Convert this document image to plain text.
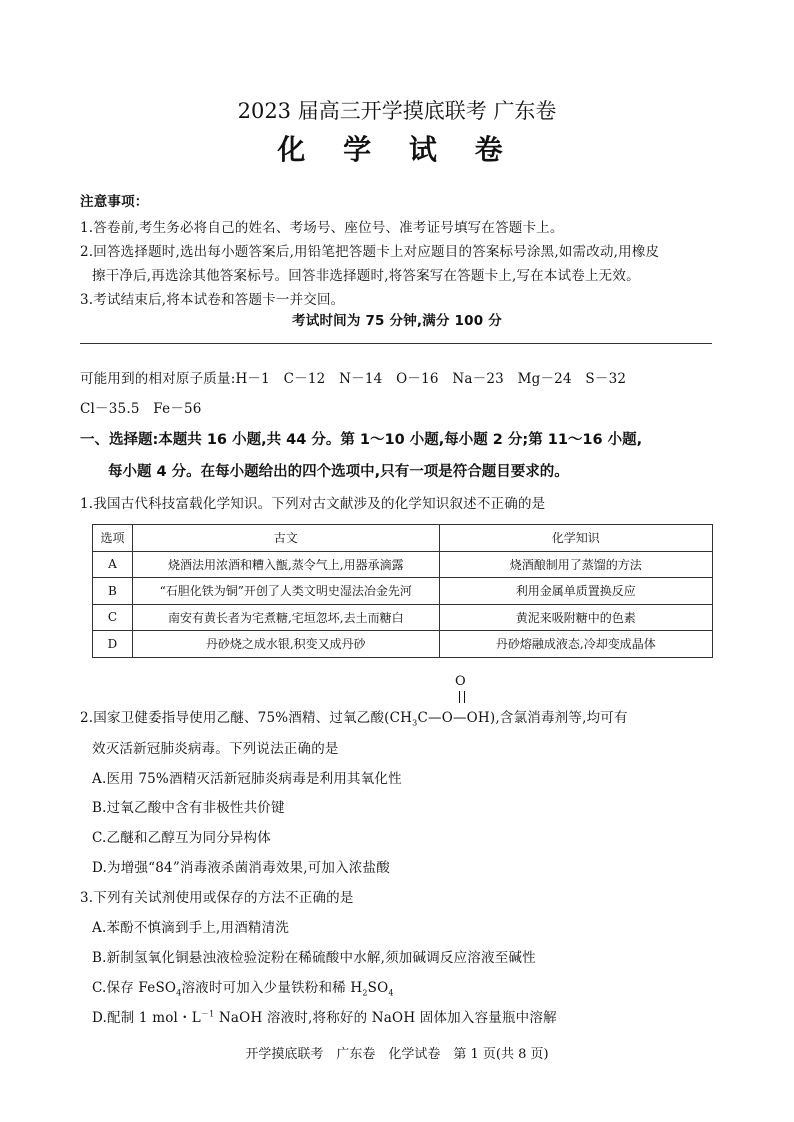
2023 届高三开学摸底联考 广东卷
化 学 试 卷
注意事项：
1.答卷前,考生务必将自己的姓名、考场号、座位号、准考证号填写在答题卡上。
2.回答选择题时,选出每小题答案后,用铅笔把答题卡上对应题目的答案标号涂黑,如需改动,用橡皮
擦干净后,再选涂其他答案标号。回答非选择题时,将答案写在答题卡上,写在本试卷上无效。
3.考试结束后,将本试卷和答题卡一并交回。
考试时间为 75 分钟,满分 100 分
可能用到的相对原子质量:H－1　C－12　N－14　O－16　Na－23　Mg－24　S－32
Cl－35.5　Fe－56
一、选择题:本题共 16 小题,共 44 分。第 1～10 小题,每小题 2 分;第 11～16 小题,
每小题 4 分。在每小题给出的四个选项中,只有一项是符合题目要求的。
1.我国古代科技富载化学知识。下列对古文献涉及的化学知识叙述不正确的是
选项	古文	化学知识
A	烧酒法用浓酒和糟入甑,蒸令气上,用器承滴露	烧酒酿制用了蒸馏的方法
B	“石胆化铁为铜”开创了人类文明史湿法冶金先河	利用金属单质置换反应
C	南安有黄长者为宅煮糖,宅垣忽坏,去土而糖白	黄泥来吸附糖中的色素
D	丹砂烧之成水银,积变又成丹砂	丹砂熔融成液态,冷却变成晶体
O
2.国家卫健委指导使用乙醚、75%酒精、过氧乙酸$(CH_3C—O—OH)$,含氯消毒剂等,均可有
效灭活新冠肺炎病毒。下列说法正确的是
A.医用 75%酒精灭活新冠肺炎病毒是利用其氧化性
B.过氧乙酸中含有非极性共价键
C.乙醚和乙醇互为同分异构体
D.为增强“84”消毒液杀菌消毒效果,可加入浓盐酸
3.下列有关试剂使用或保存的方法不正确的是
A.苯酚不慎滴到手上,用酒精清洗
B.新制氢氧化铜悬浊液检验淀粉在稀硫酸中水解,须加碱调反应溶液至碱性
C.保存 FeSO$_4$溶液时可加入少量铁粉和稀 $H_2SO_4$
D.配制 1 mol・$L^{-1}$ NaOH 溶液时,将称好的 NaOH 固体加入容量瓶中溶解
开学摸底联考　广东卷　化学试卷　第 1 页(共 8 页)
